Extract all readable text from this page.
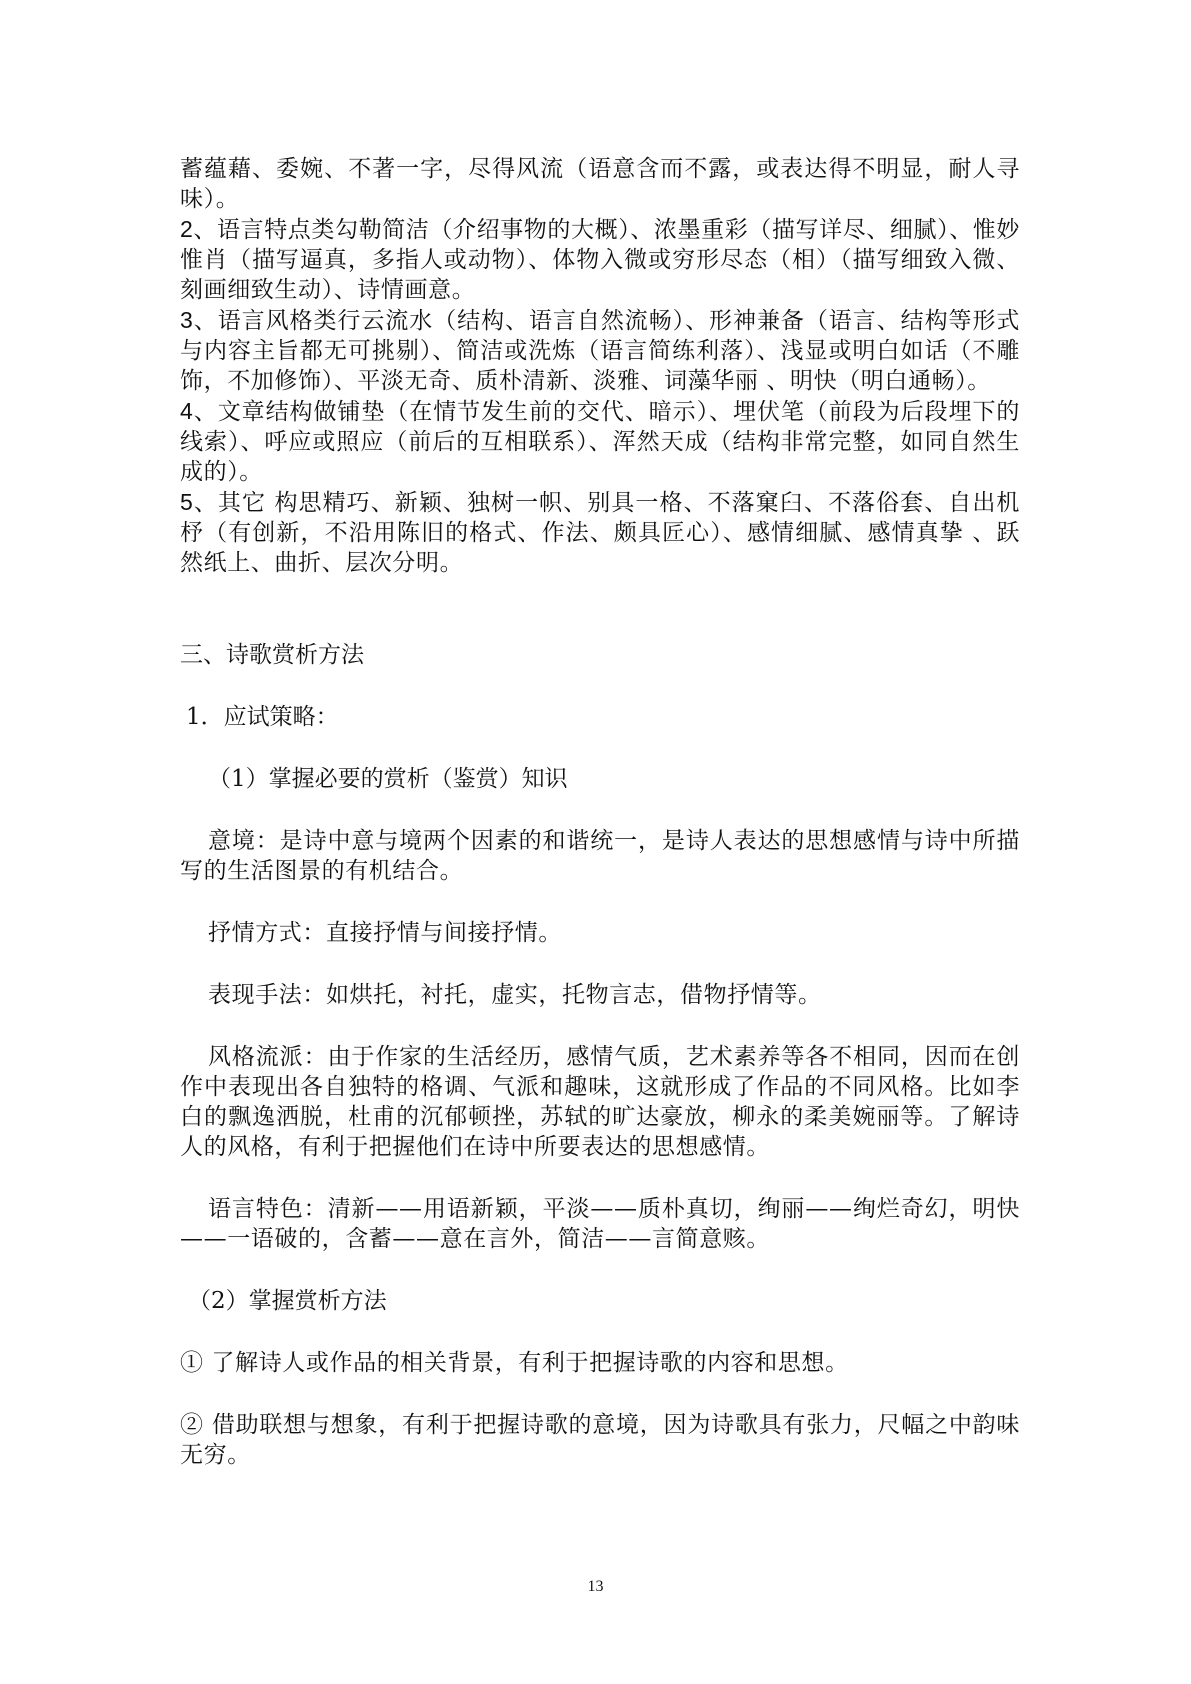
蓄蕴藉、委婉、不著一字，尽得风流（语意含而不露，或表达得不明显，耐人寻味）。

2、语言特点类勾勒简洁（介绍事物的大概）、浓墨重彩（描写详尽、细腻）、惟妙惟肖（描写逼真，多指人或动物）、体物入微或穷形尽态（相）（描写细致入微、刻画细致生动）、诗情画意。

3、语言风格类行云流水（结构、语言自然流畅）、形神兼备（语言、结构等形式与内容主旨都无可挑剔）、简洁或洗炼（语言简练利落）、浅显或明白如话（不雕饰，不加修饰）、平淡无奇、质朴清新、淡雅、词藻华丽 、明快（明白通畅）。

4、文章结构做铺垫（在情节发生前的交代、暗示）、埋伏笔（前段为后段埋下的线索）、呼应或照应（前后的互相联系）、浑然天成（结构非常完整，如同自然生成的）。

5、其它 构思精巧、新颖、独树一帜、别具一格、不落窠臼、不落俗套、自出机杼（有创新，不沿用陈旧的格式、作法、颇具匠心）、感情细腻、感情真挚 、跃然纸上、曲折、层次分明。

三、诗歌赏析方法

1．应试策略：

（1）掌握必要的赏析（鉴赏）知识

意境：是诗中意与境两个因素的和谐统一，是诗人表达的思想感情与诗中所描写的生活图景的有机结合。

抒情方式：直接抒情与间接抒情。

表现手法：如烘托，衬托，虚实，托物言志，借物抒情等。

风格流派：由于作家的生活经历，感情气质，艺术素养等各不相同，因而在创作中表现出各自独特的格调、气派和趣味，这就形成了作品的不同风格。比如李白的飘逸洒脱，杜甫的沉郁顿挫，苏轼的旷达豪放，柳永的柔美婉丽等。了解诗人的风格，有利于把握他们在诗中所要表达的思想感情。

语言特色：清新——用语新颖，平淡——质朴真切，绚丽——绚烂奇幻，明快——一语破的，含蓄——意在言外，简洁——言简意赅。

（2）掌握赏析方法

① 了解诗人或作品的相关背景，有利于把握诗歌的内容和思想。

② 借助联想与想象，有利于把握诗歌的意境，因为诗歌具有张力，尺幅之中韵味无穷。

13
